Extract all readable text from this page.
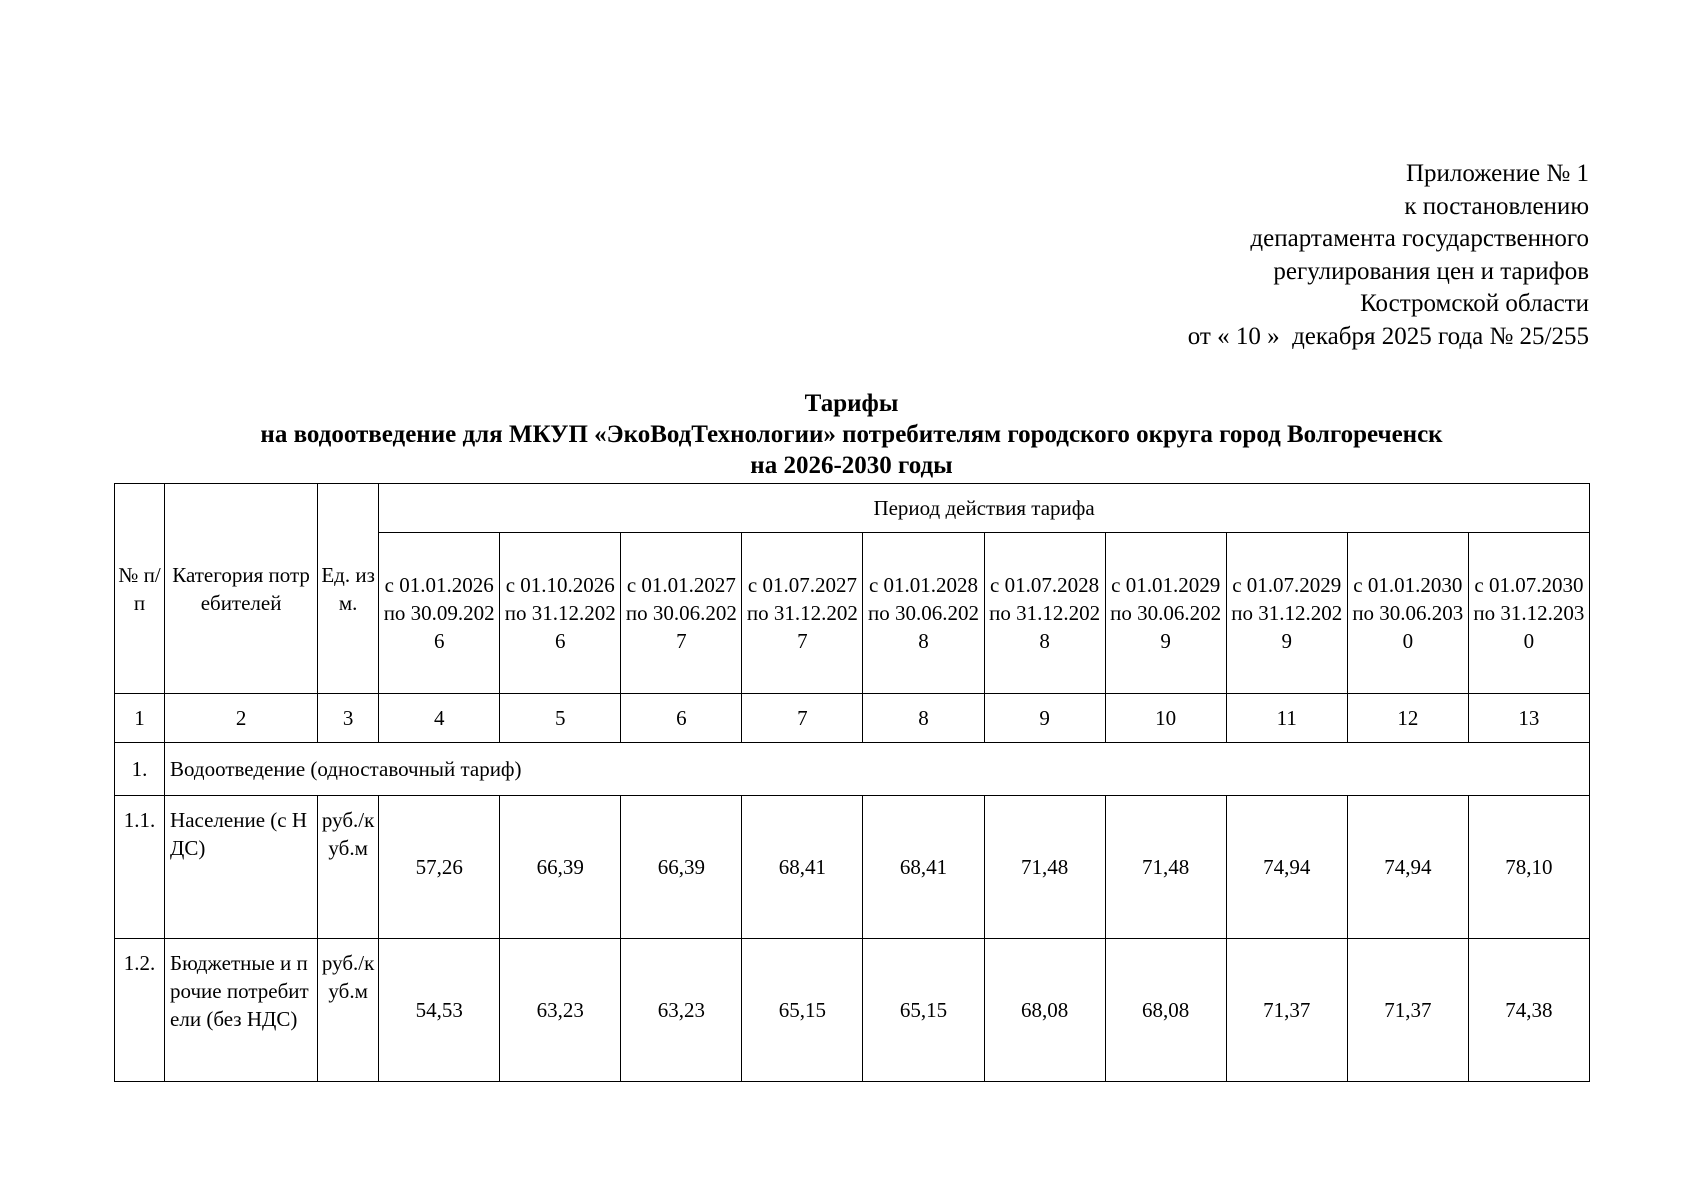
Приложение № 1
к постановлению
департамента государственного
регулирования цен и тарифов
Костромской области
от « 10 »  декабря 2025 года № 25/255
Тарифы
на водоотведение для МКУП «ЭкоВодТехнологии» потребителям городского округа город Волгореченск
на 2026-2030 годы
№ п/п	Категория потребителей	Ед. изм.	Период действия тарифа									
			с 01.01.2026 по 30.09.2026	с 01.10.2026 по 31.12.2026	с 01.01.2027 по 30.06.2027	с 01.07.2027 по 31.12.2027	с 01.01.2028 по 30.06.2028	с 01.07.2028 по 31.12.2028	с 01.01.2029 по 30.06.2029	с 01.07.2029 по 31.12.2029	с 01.01.2030 по 30.06.2030	с 01.07.2030 по 31.12.2030
1	2	3	4	5	6	7	8	9	10	11	12	13
1.	Водоотведение (одноставочный тариф)											
1.1.	Население (с НДС)	руб./куб.м	57,26	66,39	66,39	68,41	68,41	71,48	71,48	74,94	74,94	78,10
1.2.	Бюджетные и прочие потребители (без НДС)	руб./куб.м	54,53	63,23	63,23	65,15	65,15	68,08	68,08	71,37	71,37	74,38
